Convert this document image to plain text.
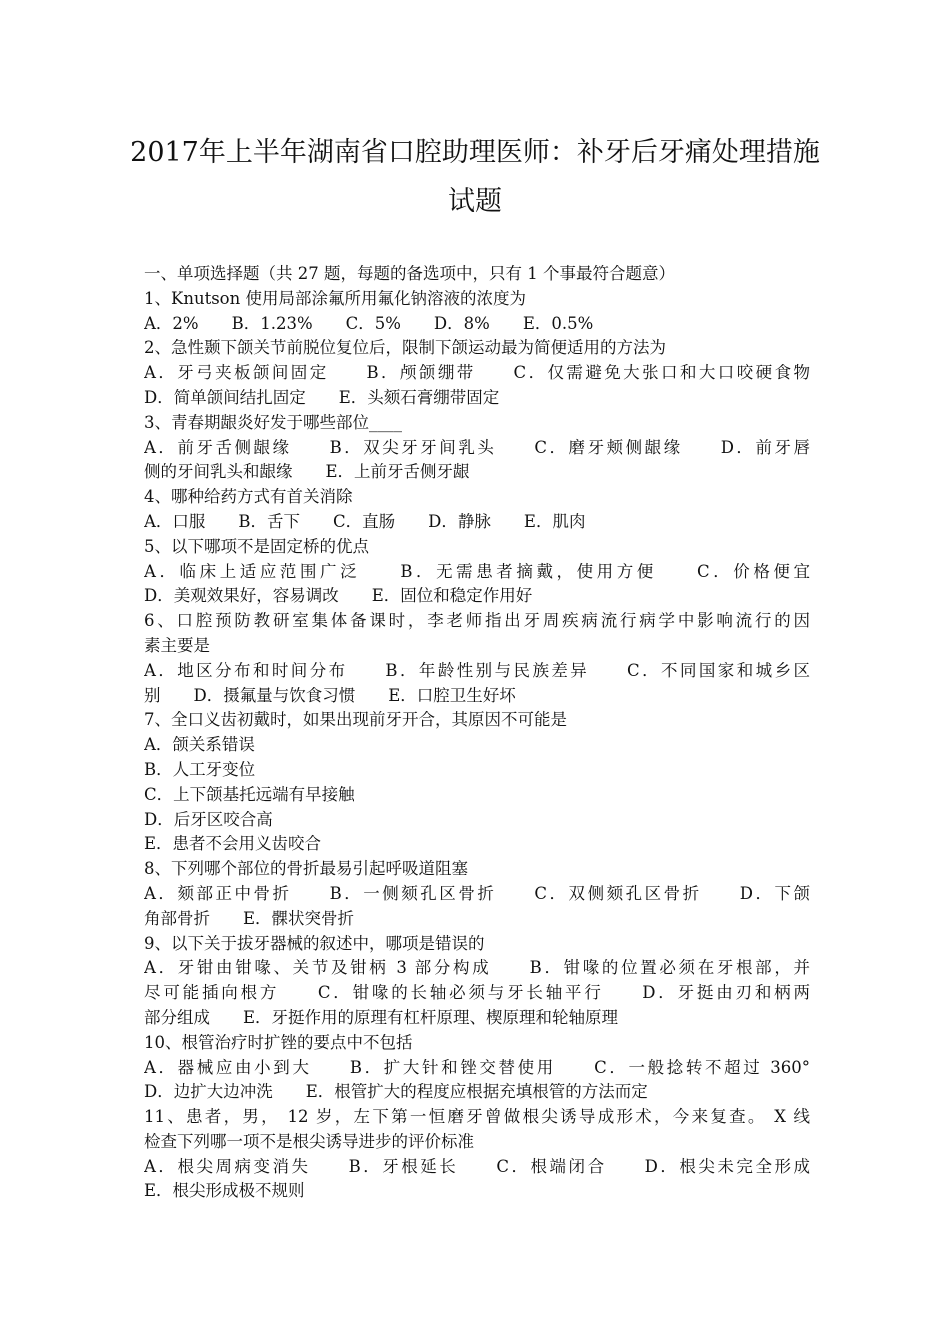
2017年上半年湖南省口腔助理医师：补牙后牙痛处理措施
试题
一、单项选择题（共 27 题，每题的备选项中，只有 1 个事最符合题意）
1、Knutson 使用局部涂氟所用氟化钠溶液的浓度为
A．2%　　B．1.23%　　C．5%　　D．8%　　E．0.5%
2、急性颞下颌关节前脱位复位后，限制下颌运动最为简便适用的方法为
A．牙弓夹板颌间固定　　B．颅颌绷带　　C．仅需避免大张口和大口咬硬食物
D．简单颌间结扎固定　　E．头颏石膏绷带固定
3、青春期龈炎好发于哪些部位____
A．前牙舌侧龈缘　　B．双尖牙牙间乳头　　C．磨牙颊侧龈缘　　D．前牙唇
侧的牙间乳头和龈缘　　E．上前牙舌侧牙龈
4、哪种给药方式有首关消除
A．口服　　B．舌下　　C．直肠　　D．静脉　　E．肌肉
5、以下哪项不是固定桥的优点
A．临床上适应范围广泛　　B．无需患者摘戴，使用方便　　C．价格便宜
D．美观效果好，容易调改　　E．固位和稳定作用好
6、口腔预防教研室集体备课时，李老师指出牙周疾病流行病学中影响流行的因
素主要是
A．地区分布和时间分布　　B．年龄性别与民族差异　　C．不同国家和城乡区
别　　D．摄氟量与饮食习惯　　E．口腔卫生好坏
7、全口义齿初戴时，如果出现前牙开合，其原因不可能是
A．颌关系错误
B．人工牙变位
C．上下颌基托远端有早接触
D．后牙区咬合高
E．患者不会用义齿咬合
8、下列哪个部位的骨折最易引起呼吸道阻塞
A．颏部正中骨折　　B．一侧颏孔区骨折　　C．双侧颏孔区骨折　　D．下颌
角部骨折　　E．髁状突骨折
9、以下关于拔牙器械的叙述中，哪项是错误的
A．牙钳由钳喙、关节及钳柄 3 部分构成　　B．钳喙的位置必须在牙根部，并
尽可能插向根方　　C．钳喙的长轴必须与牙长轴平行　　D．牙挺由刃和柄两
部分组成　　E．牙挺作用的原理有杠杆原理、楔原理和轮轴原理
10、根管治疗时扩锉的要点中不包括
A．器械应由小到大　　B．扩大针和锉交替使用　　C．一般捻转不超过 360°
D．边扩大边冲洗　　E．根管扩大的程度应根据充填根管的方法而定
11、患者，男， 12 岁，左下第一恒磨牙曾做根尖诱导成形术，今来复查。 X 线
检查下列哪一项不是根尖诱导进步的评价标准
A．根尖周病变消失　　B．牙根延长　　C．根端闭合　　D．根尖未完全形成
E．根尖形成极不规则
